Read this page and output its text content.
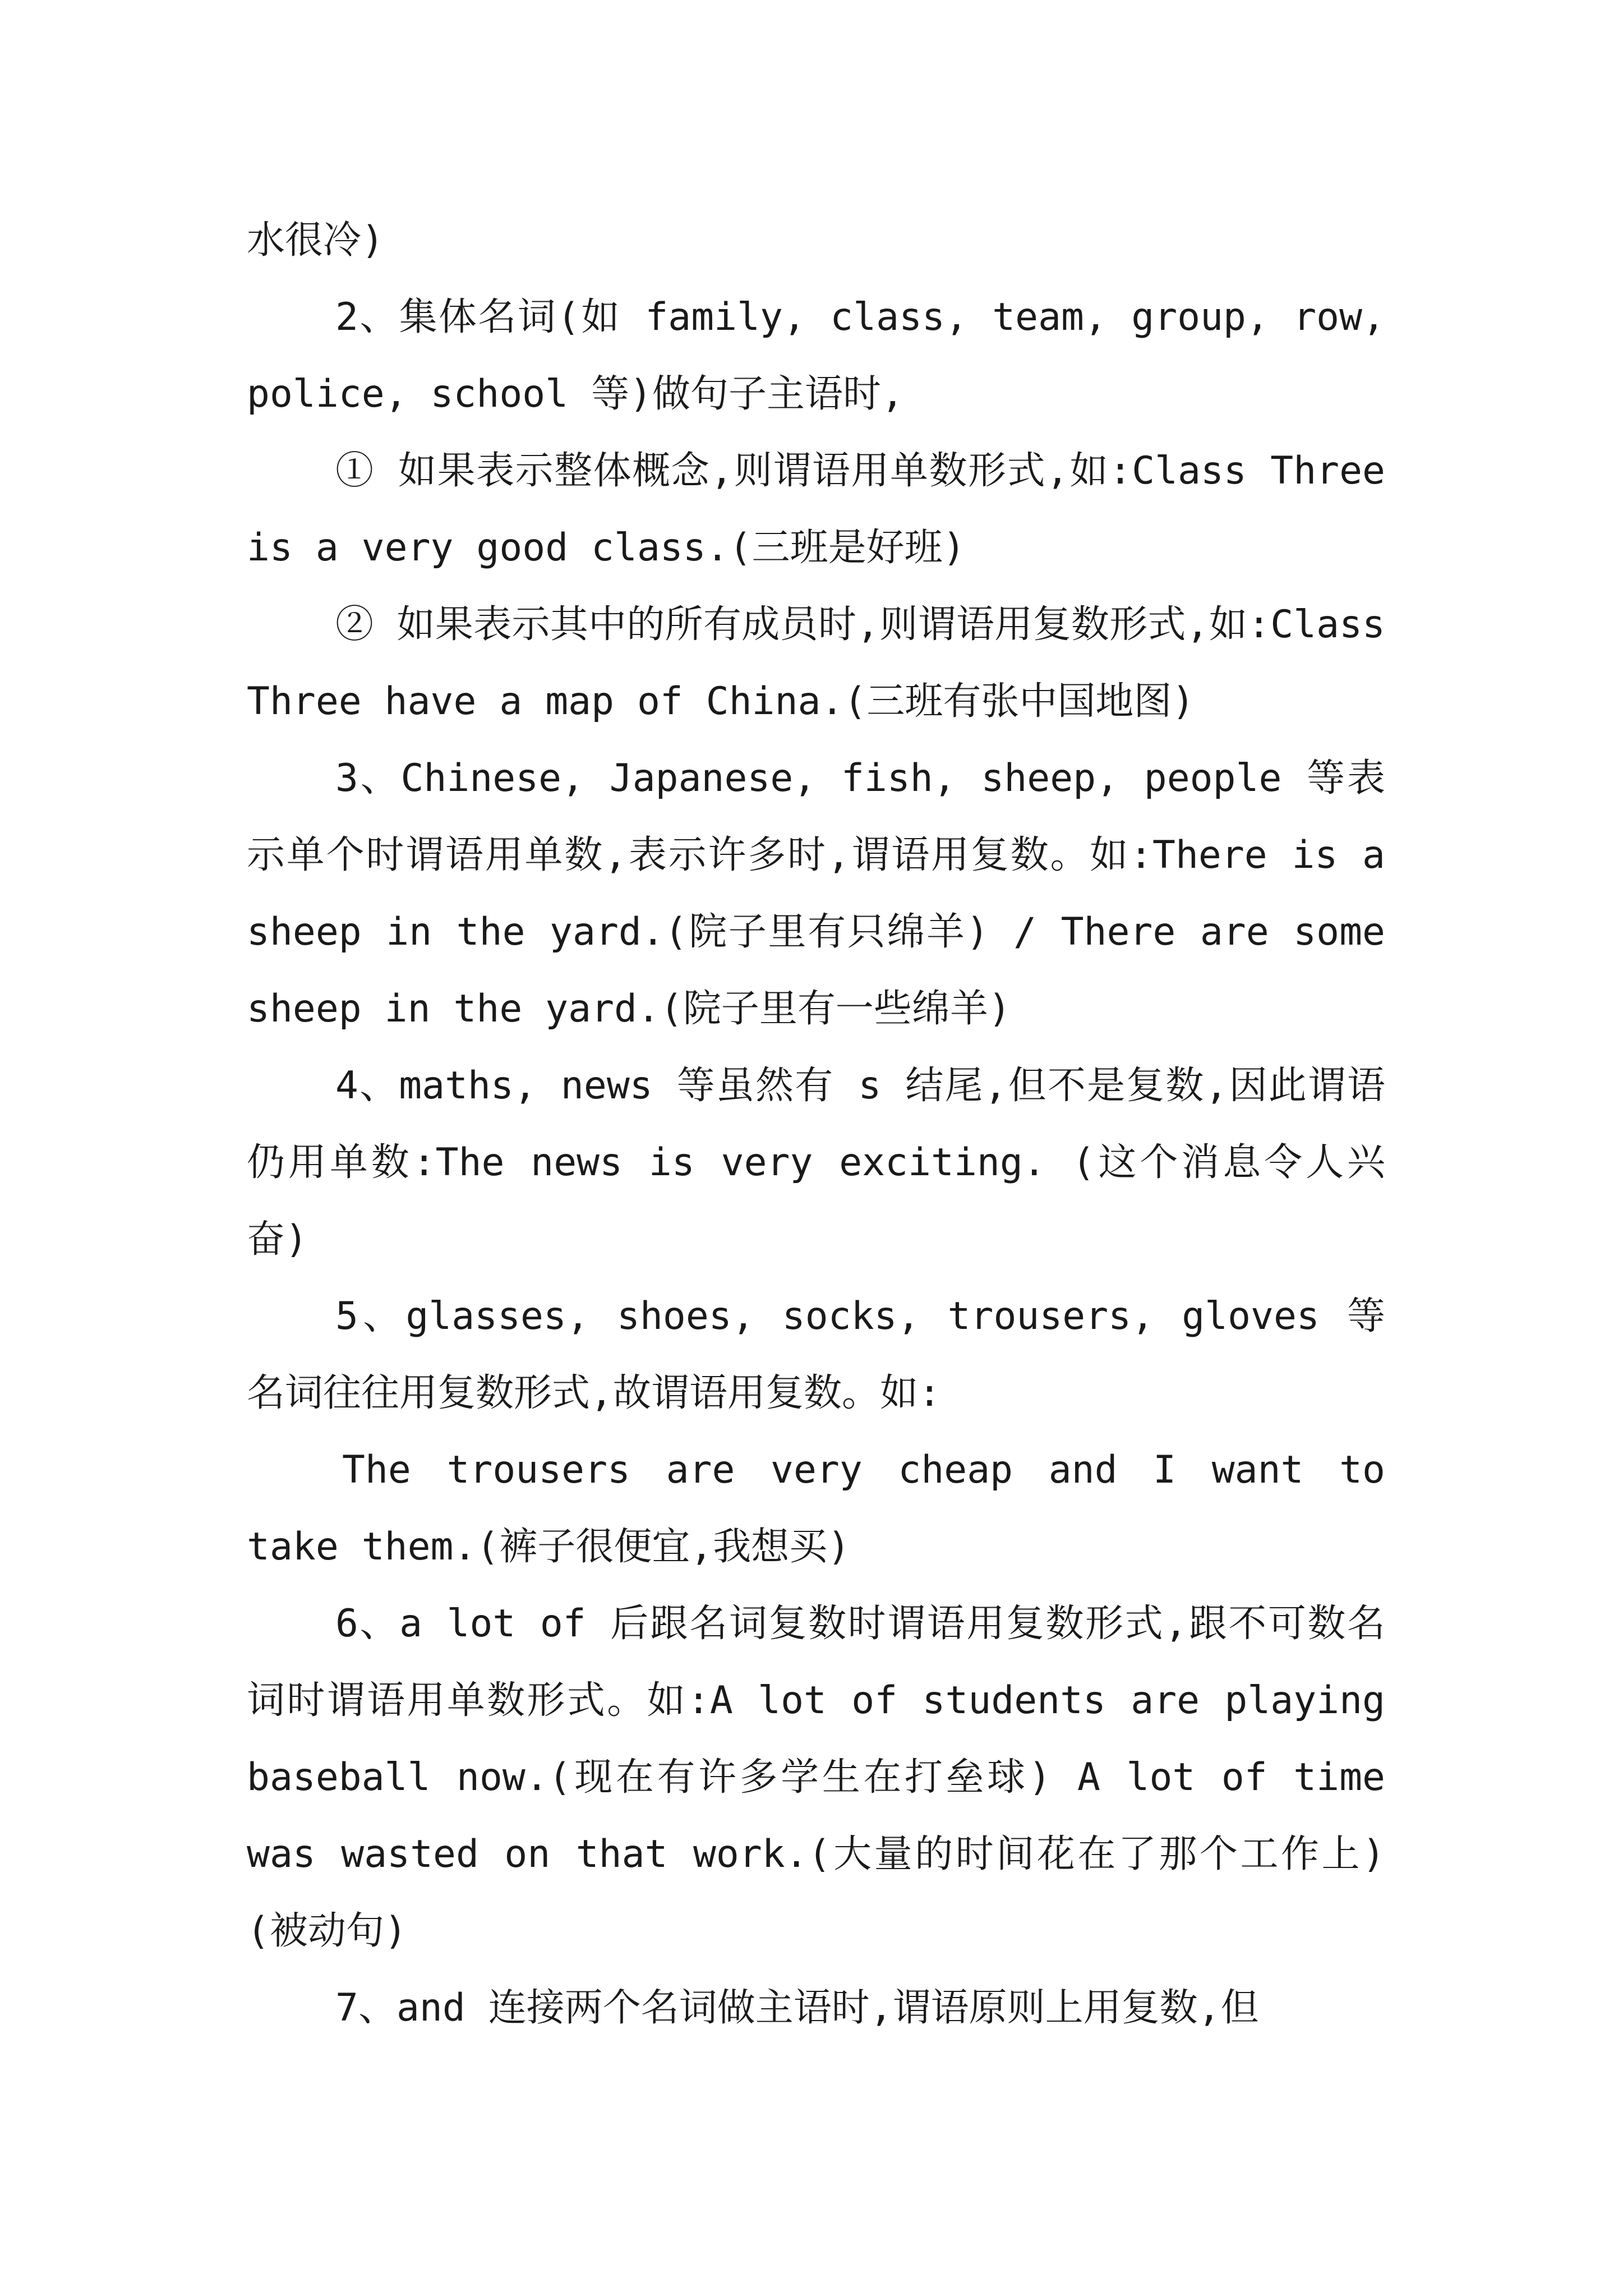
水很冷)

2、集体名词(如 family, class, team, group, row, police, school 等)做句子主语时,

① 如果表示整体概念,则谓语用单数形式,如:Class Three is a very good class.(三班是好班)

② 如果表示其中的所有成员时,则谓语用复数形式,如:Class Three have a map of China.(三班有张中国地图)

3、Chinese, Japanese, fish, sheep, people 等表示单个时谓语用单数,表示许多时,谓语用复数。如:There is a sheep in the yard.(院子里有只绵羊) / There are some sheep in the yard.(院子里有一些绵羊)

4、maths, news 等虽然有 s 结尾,但不是复数,因此谓语仍用单数:The news is very exciting. (这个消息令人兴奋)

5、glasses, shoes, socks, trousers, gloves 等名词往往用复数形式,故谓语用复数。如:

The trousers are very cheap and I want to take them.(裤子很便宜,我想买)

6、a lot of 后跟名词复数时谓语用复数形式,跟不可数名词时谓语用单数形式。如:A lot of students are playing baseball now.(现在有许多学生在打垒球) A lot of time was wasted on that work.(大量的时间花在了那个工作上)(被动句)

7、and 连接两个名词做主语时,谓语原则上用复数,但
